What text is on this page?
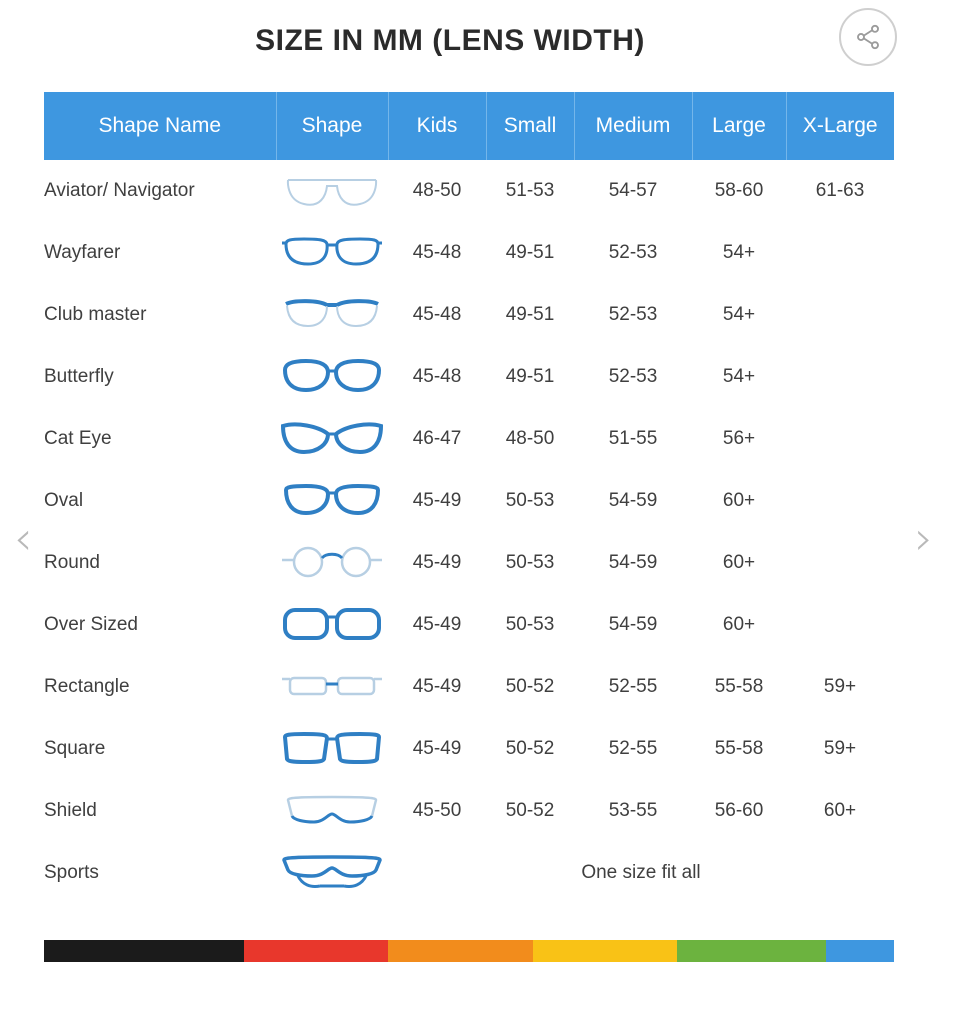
SIZE IN MM (LENS WIDTH)
‹	›
Shape Name	Shape	Kids	Small	Medium	Large	X-Large
Aviator/ Navigator		48-50	51-53	54-57	58-60	61-63
Wayfarer		45-48	49-51	52-53	54+	
Club master		45-48	49-51	52-53	54+	
Butterfly		45-48	49-51	52-53	54+	
Cat Eye		46-47	48-50	51-55	56+	
Oval		45-49	50-53	54-59	60+	
Round		45-49	50-53	54-59	60+	
Over Sized		45-49	50-53	54-59	60+	
Rectangle		45-49	50-52	52-55	55-58	59+
Square		45-49	50-52	52-55	55-58	59+
Shield		45-50	50-52	53-55	56-60	60+
Sports		One size fit all				
